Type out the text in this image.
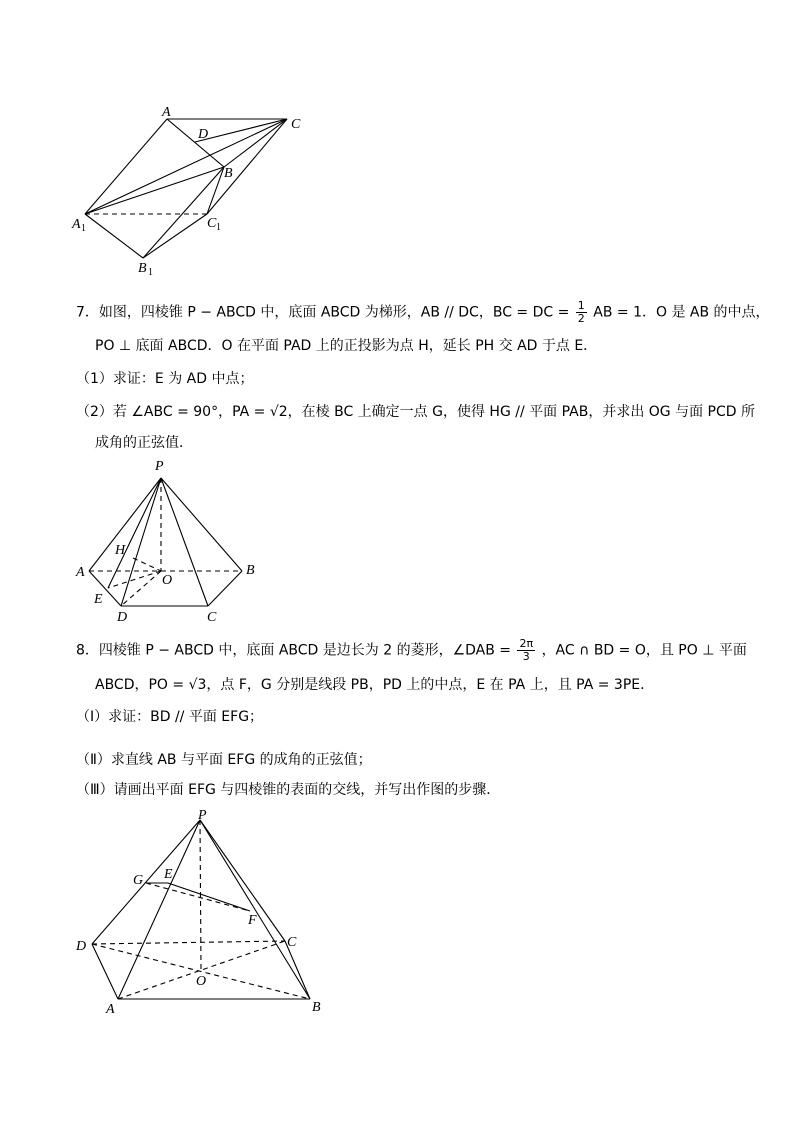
A
D
C
B
A 1	C 1
B 1
7．如图，四棱锥 P − ABCD 中，底面 ABCD 为梯形，AB // DC，BC = DC = $\frac{1}{2}$ AB = 1．O 是 AB 的中点，
PO ⊥ 底面 ABCD．O 在平面 PAD 上的正投影为点 H，延长 PH 交 AD 于点 E．
（1）求证：E 为 AD 中点；
（2）若 ∠ABC = 90°，PA = √2，在棱 BC 上确定一点 G，使得 HG // 平面 PAB，并求出 OG 与面 PCD 所
成角的正弦值．
P
H
A
O
B
E
D	C
8．四棱锥 P − ABCD 中，底面 ABCD 是边长为 2 的菱形，∠DAB = $\frac{2\pi}{3}$ ，AC ∩ BD = O，且 PO ⊥ 平面
ABCD，PO = √3，点 F，G 分别是线段 PB，PD 上的中点，E 在 PA 上，且 PA = 3PE．
（Ⅰ）求证：BD // 平面 EFG；
（Ⅱ）求直线 AB 与平面 EFG 的成角的正弦值；
（Ⅲ）请画出平面 EFG 与四棱锥的表面的交线，并写出作图的步骤．
P
G E
F
D	C
O
A	B
